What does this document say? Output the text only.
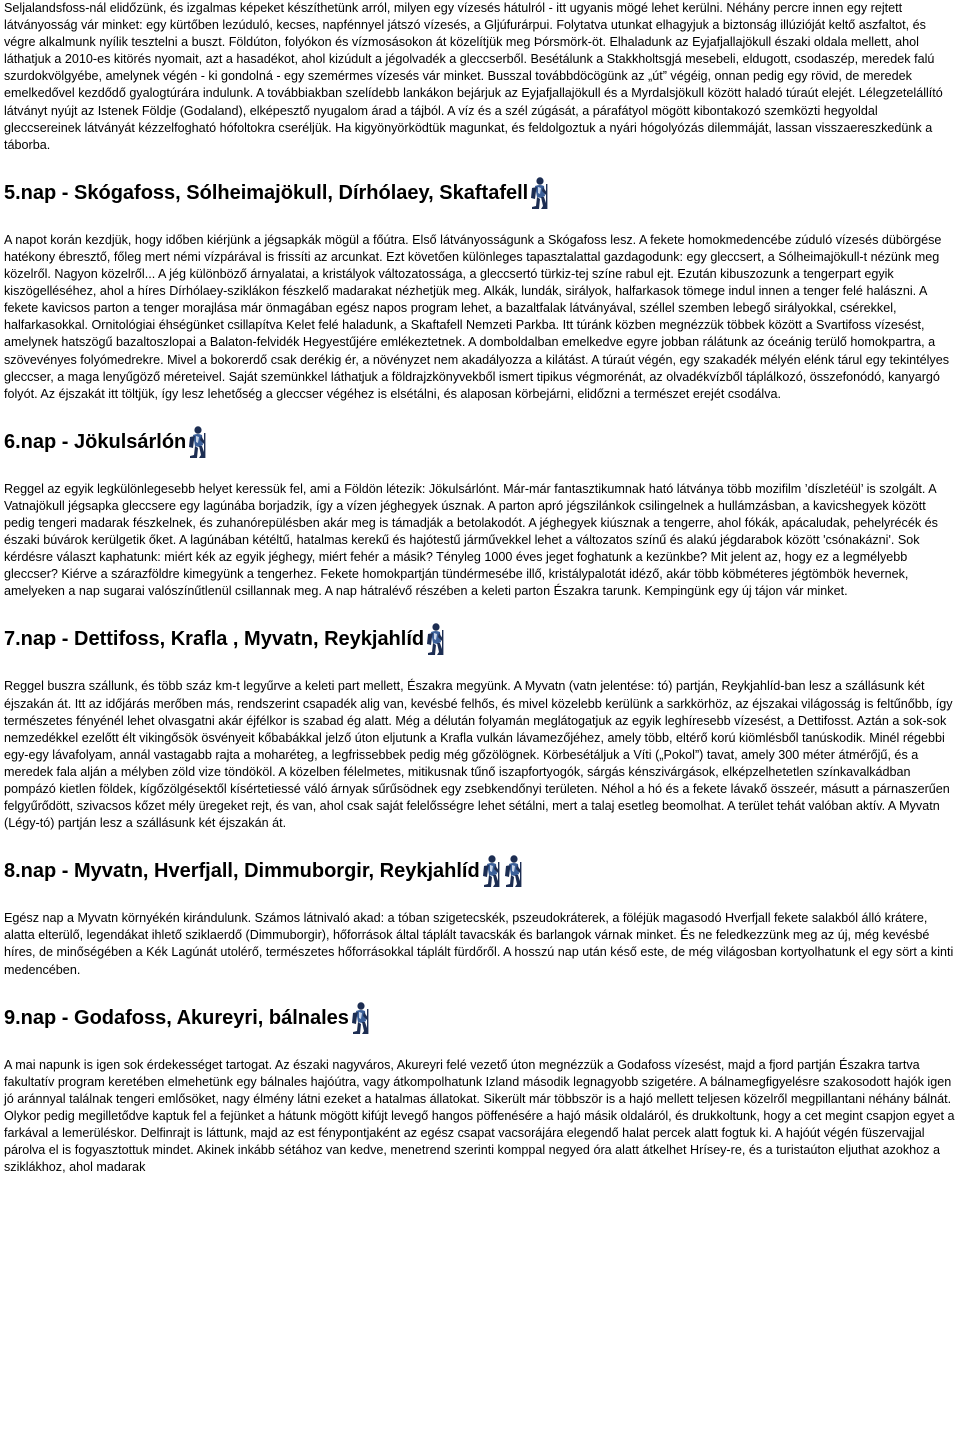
Seljalandsfoss-nál elidőzünk, és izgalmas képeket készíthetünk arról, milyen egy vízesés hátulról - itt ugyanis mögé lehet kerülni. Néhány percre innen egy rejtett látványosság vár minket: egy kürtőben lezúduló, kecses, napfénnyel játszó vízesés, a Gljúfurárpui. Folytatva utunkat elhagyjuk a biztonság illúzióját keltő aszfaltot, és végre alkalmunk nyílik tesztelni a buszt. Földúton, folyókon és vízmosásokon át közelítjük meg Þórsmörk-öt. Elhaladunk az Eyjafjallajökull északi oldala mellett, ahol láthatjuk a 2010-es kitörés nyomait, azt a hasadékot, ahol kizúdult a jégolvadék a gleccserből. Besétálunk a Stakkholtsgjá mesebeli, eldugott, csodaszép, meredek falú szurdokvölgyébe, amelynek végén - ki gondolná - egy szemérmes vízesés vár minket. Busszal továbbdöcögünk az „út” végéig, onnan pedig egy rövid, de meredek emelkedővel kezdődő gyalogtúrára indulunk. A továbbiakban szelídebb lankákon bejárjuk az Eyjafjallajökull és a Myrdalsjökull között haladó túraút elejét. Lélegzetelállító látványt nyújt az Istenek Földje (Godaland), elképesztő nyugalom árad a tájból. A víz és a szél zúgását, a párafátyol mögött kibontakozó szemközti hegyoldal gleccsereinek látványát kézzelfogható hófoltokra cseréljük. Ha kigyönyörködtük magunkat, és feldolgoztuk a nyári hógolyózás dilemmáját, lassan visszaereszkedünk a táborba.

5.nap - Skógafoss, Sólheimajökull, Dírhólaey, Skaftafell

A napot korán kezdjük, hogy időben kiérjünk a jégsapkák mögül a főútra. Első látványosságunk a Skógafoss lesz. A fekete homokmedencébe zúduló vízesés dübörgése hatékony ébresztő, főleg mert némi vízpárával is frissíti az arcunkat. Ezt követően különleges tapasztalattal gazdagodunk: egy gleccsert, a Sólheimajökull-t nézünk meg közelről. Nagyon közelről... A jég különböző árnyalatai, a kristályok változatossága, a gleccsertó türkiz-tej színe rabul ejt. Ezután kibuszozunk a tengerpart egyik kiszögelléséhez, ahol a híres Dírhólaey-sziklákon fészkelő madarakat nézhetjük meg. Alkák, lundák, sirályok, halfarkasok tömege indul innen a tenger felé halászni. A fekete kavicsos parton a tenger morajlása már önmagában egész napos program lehet, a bazaltfalak látványával, széllel szemben lebegő sirályokkal, csérekkel, halfarkasokkal. Ornitológiai éhségünket csillapítva Kelet felé haladunk, a Skaftafell Nemzeti Parkba. Itt túránk közben megnézzük többek között a Svartifoss vízesést, amelynek hatszögű bazaltoszlopai a Balaton-felvidék Hegyestűjére emlékeztetnek. A domboldalban emelkedve egyre jobban rálátunk az óceánig terülő homokpartra, a szövevényes folyómedrekre. Mivel a bokorerdő csak derékig ér, a növényzet nem akadályozza a kilátást. A túraút végén, egy szakadék mélyén elénk tárul egy tekintélyes gleccser, a maga lenyűgöző méreteivel. Saját szemünkkel láthatjuk a földrajzkönyvekből ismert tipikus végmorénát, az olvadékvízből táplálkozó, összefonódó, kanyargó folyót. Az éjszakát itt töltjük, így lesz lehetőség a gleccser végéhez is elsétálni, és alaposan körbejárni, elidőzni a természet erejét csodálva.

6.nap - Jökulsárlón

Reggel az egyik legkülönlegesebb helyet keressük fel, ami a Földön létezik: Jökulsárlónt. Már-már fantasztikumnak ható látványa több mozifilm ’díszletéül’ is szolgált. A Vatnajökull jégsapka gleccsere egy lagúnába borjadzik, így a vízen jéghegyek úsznak. A parton apró jégszilánkok csilingelnek a hullámzásban, a kavicshegyek között pedig tengeri madarak fészkelnek, és zuhanórepülésben akár meg is támadják a betolakodót. A jéghegyek kiúsznak a tengerre, ahol fókák, apácaludak, pehelyrécék és északi búvárok kerülgetik őket. A lagúnában kétéltű, hatalmas kerekű és hajótestű járművekkel lehet a változatos színű és alakú jégdarabok között 'csónakázni'. Sok kérdésre választ kaphatunk: miért kék az egyik jéghegy, miért fehér a másik? Tényleg 1000 éves jeget foghatunk a kezünkbe? Mit jelent az, hogy ez a legmélyebb gleccser? Kiérve a szárazföldre kimegyünk a tengerhez. Fekete homokpartján tündérmesébe illő, kristálypalotát idéző, akár több köbméteres jégtömbök hevernek, amelyeken a nap sugarai valószínűtlenül csillannak meg. A nap hátralévő részében a keleti parton Északra tarunk. Kempingünk egy új tájon vár minket.

7.nap - Dettifoss, Krafla , Myvatn, Reykjahlíd

Reggel buszra szállunk, és több száz km-t legyűrve a keleti part mellett, Északra megyünk. A Myvatn (vatn jelentése: tó) partján, Reykjahlíd-ban lesz a szállásunk két éjszakán át. Itt az időjárás merőben más, rendszerint csapadék alig van, kevésbé felhős, és mivel közelebb kerülünk a sarkkörhöz, az éjszakai világosság is feltűnőbb, így természetes fényénél lehet olvasgatni akár éjfélkor is szabad ég alatt. Még a délután folyamán meglátogatjuk az egyik leghíresebb vízesést, a Dettifosst. Aztán a sok-sok nemzedékkel ezelőtt élt vikingősök ösvényeit kőbabákkal jelző úton eljutunk a Krafla vulkán lávamezőjéhez, amely több, eltérő korú kiömlésből tanúskodik. Minél régebbi egy-egy lávafolyam, annál vastagabb rajta a moharéteg, a legfrissebbek pedig még gőzölögnek. Körbesétáljuk a Víti („Pokol”) tavat, amely 300 méter átmérőjű, és a meredek fala alján a mélyben zöld vize töndököl. A közelben félelmetes, mitikusnak tűnő iszapfortyogók, sárgás kénszivárgások, elképzelhetetlen színkavalkádban pompázó kietlen földek, kígőzölgésektől kísértetiessé váló árnyak sűrűsödnek egy zsebkendőnyi területen. Néhol a hó és a fekete lávakő összeér, másutt a párnaszerűen felgyűrődött, szivacsos kőzet mély üregeket rejt, és van, ahol csak saját felelősségre lehet sétálni, mert a talaj esetleg beomolhat. A terület tehát valóban aktív. A Myvatn (Légy-tó) partján lesz a szállásunk két éjszakán át.

8.nap - Myvatn, Hverfjall, Dimmuborgir, Reykjahlíd

Egész nap a Myvatn környékén kirándulunk. Számos látnivaló akad: a tóban szigetecskék, pszeudokráterek, a föléjük magasodó Hverfjall fekete salakból álló krátere, alatta elterülő, legendákat ihlető sziklaerdő (Dimmuborgir), hőforrások által táplált tavacskák és barlangok várnak minket. És ne feledkezzünk meg az új, még kevésbé híres, de minőségében a Kék Lagúnát utolérő, természetes hőforrásokkal táplált fürdőről. A hosszú nap után késő este, de még világosban kortyolhatunk el egy sört a kinti medencében.

9.nap - Godafoss, Akureyri, bálnales

A mai napunk is igen sok érdekességet tartogat. Az északi nagyváros, Akureyri felé vezető úton megnézzük a Godafoss vízesést, majd a fjord partján Északra tartva fakultatív program keretében elmehetünk egy bálnales hajóútra, vagy átkompolhatunk Izland második legnagyobb szigetére. A bálnamegfigyelésre szakosodott hajók igen jó aránnyal találnak tengeri emlősöket, nagy élmény látni ezeket a hatalmas állatokat. Sikerült már többször is a hajó mellett teljesen közelről megpillantani néhány bálnát. Olykor pedig megilletődve kaptuk fel a fejünket a hátunk mögött kifújt levegő hangos pöffenésére a hajó másik oldaláról, és drukkoltunk, hogy a cet megint csapjon egyet a farkával a lemerüléskor. Delfinrajt is láttunk, majd az est fénypontjaként az egész csapat vacsorájára elegendő halat percek alatt fogtuk ki. A hajóút végén füszervajjal párolva el is fogyasztottuk mindet. Akinek inkább sétához van kedve, menetrend szerinti komppal negyed óra alatt átkelhet Hrísey-re, és a turistaúton eljuthat azokhoz a sziklákhoz, ahol madarak
